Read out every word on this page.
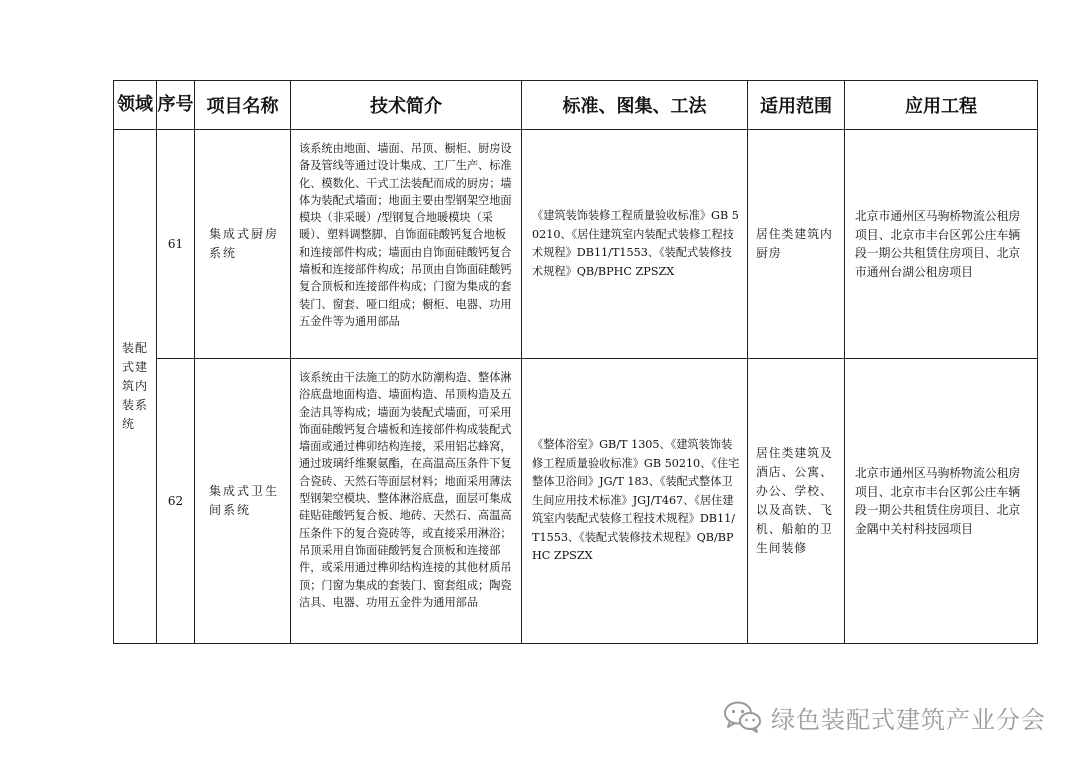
领域	序号	项目名称	技术简介	标准、图集、工法	适用范围	应用工程

装配式建筑内装系统	61	集成式厨房系统	该系统由地面、墙面、吊顶、橱柜、厨房设备及管线等通过设计集成、工厂生产、标准化、模数化、干式工法装配而成的厨房；墙体为装配式墙面；地面主要由型钢架空地面模块（非采暖）/型钢复合地暖模块（采暖）、塑料调整脚、自饰面硅酸钙复合地板和连接部件构成；墙面由自饰面硅酸钙复合墙板和连接部件构成；吊顶由自饰面硅酸钙复合顶板和连接部件构成；门窗为集成的套装门、窗套、哑口组成；橱柜、电器、功用五金件等为通用部品	《建筑装饰装修工程质量验收标准》GB 50210、《居住建筑室内装配式装修工程技术规程》DB11/T1553、《装配式装修技术规程》QB/BPHC ZPSZX	居住类建筑内厨房	北京市通州区马驹桥物流公租房项目、北京市丰台区郭公庄车辆段一期公共租赁住房项目、北京市通州台湖公租房项目
	62	集成式卫生间系统	该系统由干法施工的防水防潮构造、整体淋浴底盘地面构造、墙面构造、吊顶构造及五金洁具等构成；墙面为装配式墙面，可采用饰面硅酸钙复合墙板和连接部件构成装配式墙面或通过榫卯结构连接，采用铝芯蜂窝，通过玻璃纤维聚氨酯，在高温高压条件下复合瓷砖、天然石等面层材料；地面采用薄法型钢架空模块、整体淋浴底盘，面层可集成硅贴硅酸钙复合板、地砖、天然石、高温高压条件下的复合瓷砖等，或直接采用淋浴；吊顶采用自饰面硅酸钙复合顶板和连接部件，或采用通过榫卯结构连接的其他材质吊顶；门窗为集成的套装门、窗套组成；陶瓷洁具、电器、功用五金件为通用部品	《整体浴室》GB/T 1305、《建筑装饰装修工程质量验收标准》GB 50210、《住宅整体卫浴间》JG/T 183、《装配式整体卫生间应用技术标准》JGJ/T467、《居住建筑室内装配式装修工程技术规程》DB11/T1553、《装配式装修技术规程》QB/BPHC ZPSZX	居住类建筑及酒店、公寓、办公、学校、以及高铁、飞机、船舶的卫生间装修	北京市通州区马驹桥物流公租房项目、北京市丰台区郭公庄车辆段一期公共租赁住房项目、北京金隅中关村科技园项目
绿色装配式建筑产业分会
